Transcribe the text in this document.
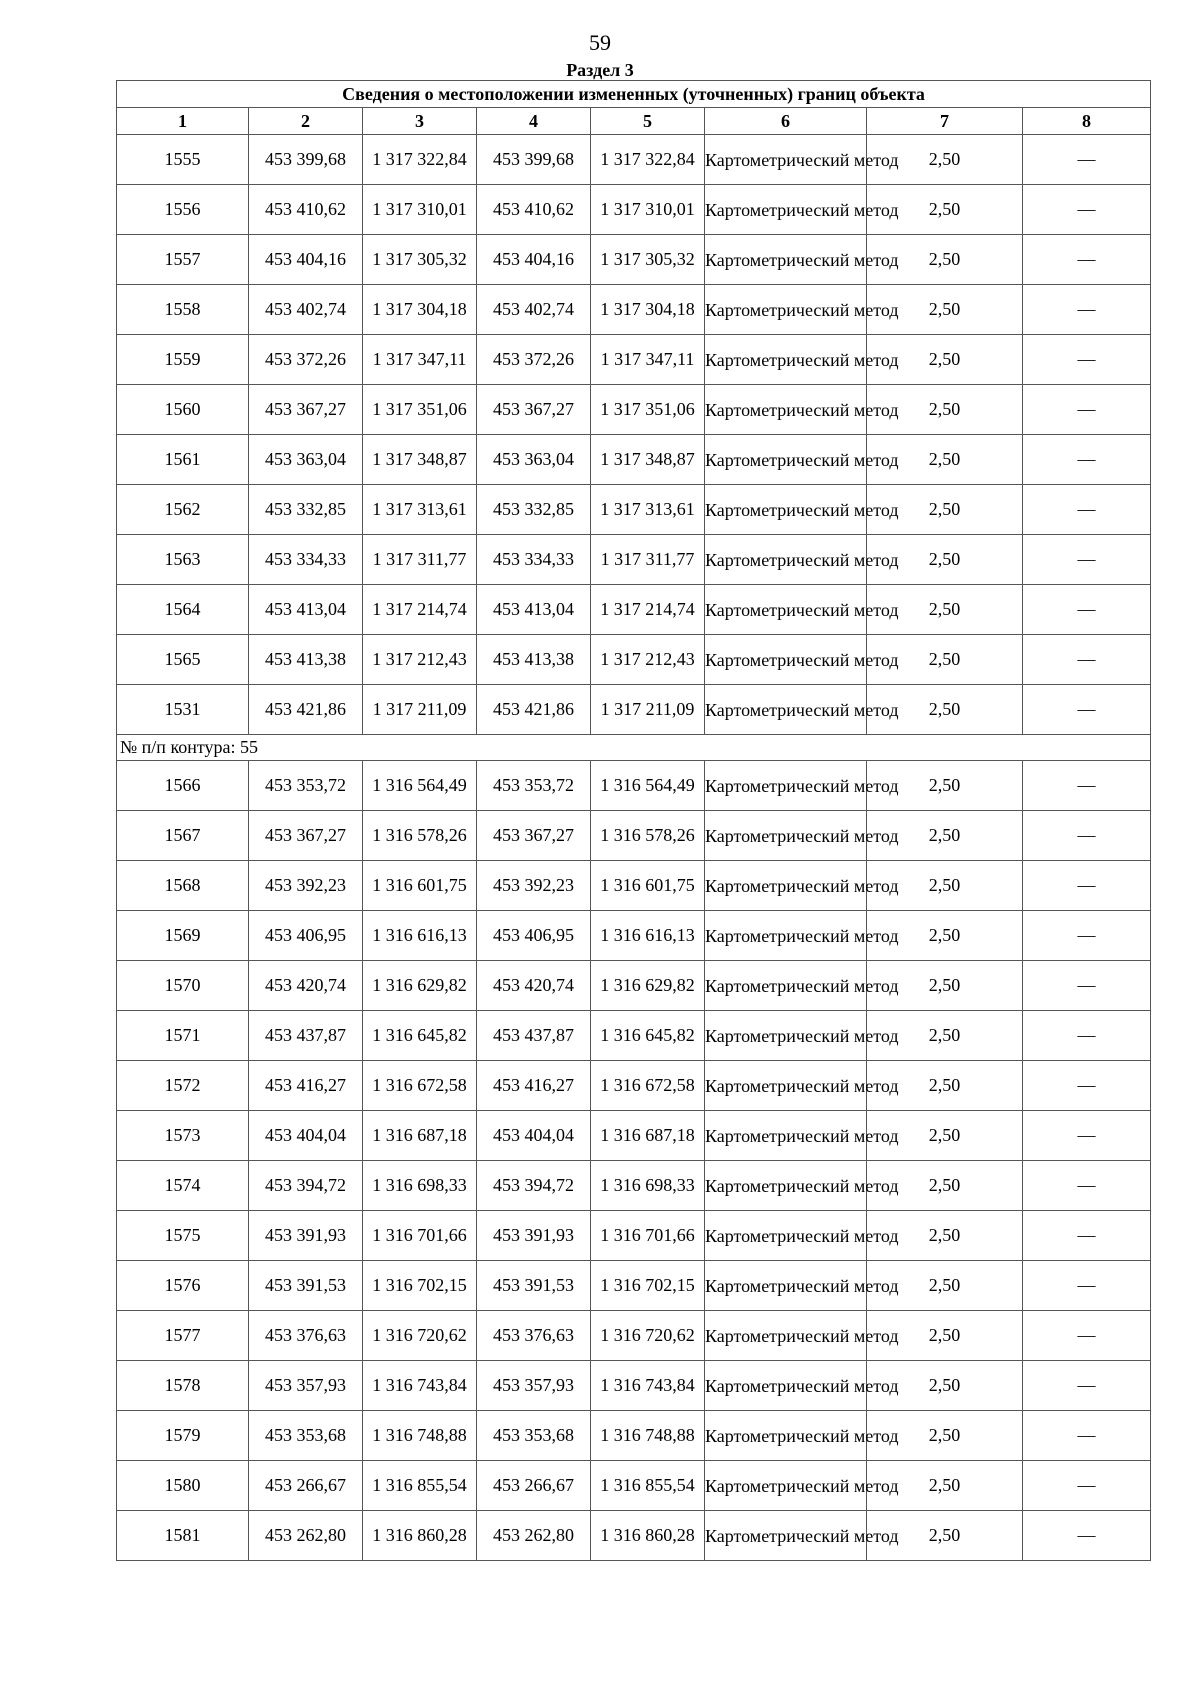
59
Раздел 3
Сведения о местоположении измененных (уточненных) границ объекта							
1	2	3	4	5	6	7	8
1555	453 399,68	1 317 322,84	453 399,68	1 317 322,84	Картометрический метод	2,50	—
1556	453 410,62	1 317 310,01	453 410,62	1 317 310,01	Картометрический метод	2,50	—
1557	453 404,16	1 317 305,32	453 404,16	1 317 305,32	Картометрический метод	2,50	—
1558	453 402,74	1 317 304,18	453 402,74	1 317 304,18	Картометрический метод	2,50	—
1559	453 372,26	1 317 347,11	453 372,26	1 317 347,11	Картометрический метод	2,50	—
1560	453 367,27	1 317 351,06	453 367,27	1 317 351,06	Картометрический метод	2,50	—
1561	453 363,04	1 317 348,87	453 363,04	1 317 348,87	Картометрический метод	2,50	—
1562	453 332,85	1 317 313,61	453 332,85	1 317 313,61	Картометрический метод	2,50	—
1563	453 334,33	1 317 311,77	453 334,33	1 317 311,77	Картометрический метод	2,50	—
1564	453 413,04	1 317 214,74	453 413,04	1 317 214,74	Картометрический метод	2,50	—
1565	453 413,38	1 317 212,43	453 413,38	1 317 212,43	Картометрический метод	2,50	—
1531	453 421,86	1 317 211,09	453 421,86	1 317 211,09	Картометрический метод	2,50	—
№ п/п контура: 55							
1566	453 353,72	1 316 564,49	453 353,72	1 316 564,49	Картометрический метод	2,50	—
1567	453 367,27	1 316 578,26	453 367,27	1 316 578,26	Картометрический метод	2,50	—
1568	453 392,23	1 316 601,75	453 392,23	1 316 601,75	Картометрический метод	2,50	—
1569	453 406,95	1 316 616,13	453 406,95	1 316 616,13	Картометрический метод	2,50	—
1570	453 420,74	1 316 629,82	453 420,74	1 316 629,82	Картометрический метод	2,50	—
1571	453 437,87	1 316 645,82	453 437,87	1 316 645,82	Картометрический метод	2,50	—
1572	453 416,27	1 316 672,58	453 416,27	1 316 672,58	Картометрический метод	2,50	—
1573	453 404,04	1 316 687,18	453 404,04	1 316 687,18	Картометрический метод	2,50	—
1574	453 394,72	1 316 698,33	453 394,72	1 316 698,33	Картометрический метод	2,50	—
1575	453 391,93	1 316 701,66	453 391,93	1 316 701,66	Картометрический метод	2,50	—
1576	453 391,53	1 316 702,15	453 391,53	1 316 702,15	Картометрический метод	2,50	—
1577	453 376,63	1 316 720,62	453 376,63	1 316 720,62	Картометрический метод	2,50	—
1578	453 357,93	1 316 743,84	453 357,93	1 316 743,84	Картометрический метод	2,50	—
1579	453 353,68	1 316 748,88	453 353,68	1 316 748,88	Картометрический метод	2,50	—
1580	453 266,67	1 316 855,54	453 266,67	1 316 855,54	Картометрический метод	2,50	—
1581	453 262,80	1 316 860,28	453 262,80	1 316 860,28	Картометрический метод	2,50	—
